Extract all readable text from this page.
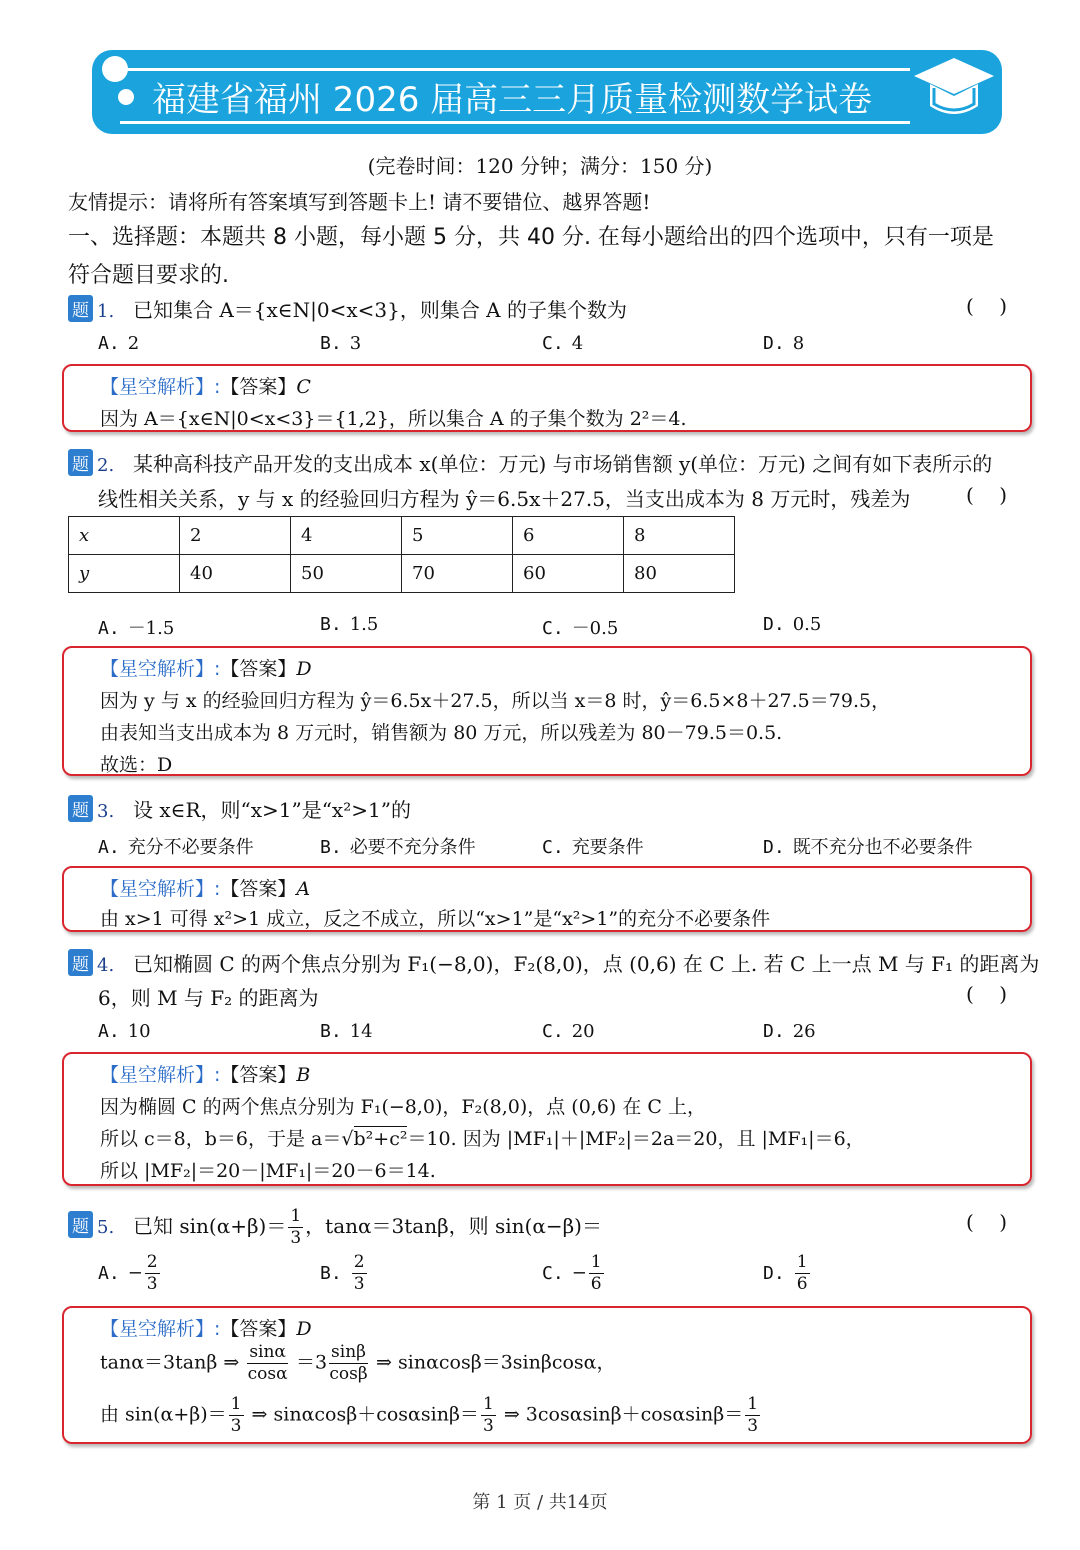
福建省福州 2026 届高三三月质量检测数学试卷
(完卷时间：120 分钟；满分：150 分)
友情提示：请将所有答案填写到答题卡上! 请不要错位、越界答题!
一、选择题：本题共 8 小题，每小题 5 分，共 40 分. 在每小题给出的四个选项中，只有一项是
符合题目要求的.
题 1. 已知集合 A＝{x∈N|0<x<3}，则集合 A 的子集个数为	(    )
A. 2	B. 3	C. 4	D. 8
【星空解析】:【答案】C
因为 A＝{x∈N|0<x<3}＝{1,2}，所以集合 A 的子集个数为 2²＝4.
题 2. 某种高科技产品开发的支出成本 x(单位：万元) 与市场销售额 y(单位：万元) 之间有如下表所示的
线性相关关系，y 与 x 的经验回归方程为 ŷ＝6.5x＋27.5，当支出成本为 8 万元时，残差为	(    )
x	2	4	5	6	8
y	40	50	70	60	80
A. －1.5	B. 1.5	C. －0.5	D. 0.5
【星空解析】:【答案】D
因为 y 与 x 的经验回归方程为 ŷ＝6.5x＋27.5，所以当 x＝8 时，ŷ＝6.5×8＋27.5＝79.5，
由表知当支出成本为 8 万元时，销售额为 80 万元，所以残差为 80－79.5＝0.5.
故选：D
题 3. 设 x∈R，则“x>1”是“x²>1”的
A. 充分不必要条件	B. 必要不充分条件	C. 充要条件	D. 既不充分也不必要条件
【星空解析】:【答案】A
由 x>1 可得 x²>1 成立，反之不成立，所以“x>1”是“x²>1”的充分不必要条件
题 4. 已知椭圆 C 的两个焦点分别为 F₁(−8,0)，F₂(8,0)，点 (0,6) 在 C 上. 若 C 上一点 M 与 F₁ 的距离为
6，则 M 与 F₂ 的距离为	(    )
A. 10	B. 14	C. 20	D. 26
【星空解析】:【答案】B
因为椭圆 C 的两个焦点分别为 F₁(−8,0)，F₂(8,0)，点 (0,6) 在 C 上，
所以 c＝8，b＝6，于是 a＝√b²+c²＝10. 因为 |MF₁|＋|MF₂|＝2a＝20，且 |MF₁|＝6，
所以 |MF₂|＝20－|MF₁|＝20－6＝14.
题 5. 已知 $\sin(\alpha+\beta)= \frac{1}{3}$ ，tanα＝3tanβ，则 sin(α−β)＝	(    )
A. − $\frac{2}{3}$	B. $\frac{2}{3}$	C. − $\frac{1}{6}$	D. $\frac{1}{6}$
【星空解析】:【答案】D
tanα＝3tanβ ⇒ $\frac{\sin\alpha}{\cos\alpha} =3 \frac{\sin\beta}{\cos\beta}$ ⇒ sinαcosβ＝3sinβcosα，
由 $\sin(\alpha+\beta)= \frac{1}{3}$ ⇒ $\sin\alpha\cos\beta+\cos\alpha\sin\beta= \frac{1}{3}$ ⇒ $3\cos\alpha\sin\beta+\cos\alpha\sin\beta= \frac{1}{3}$
第 1 页 / 共14页
